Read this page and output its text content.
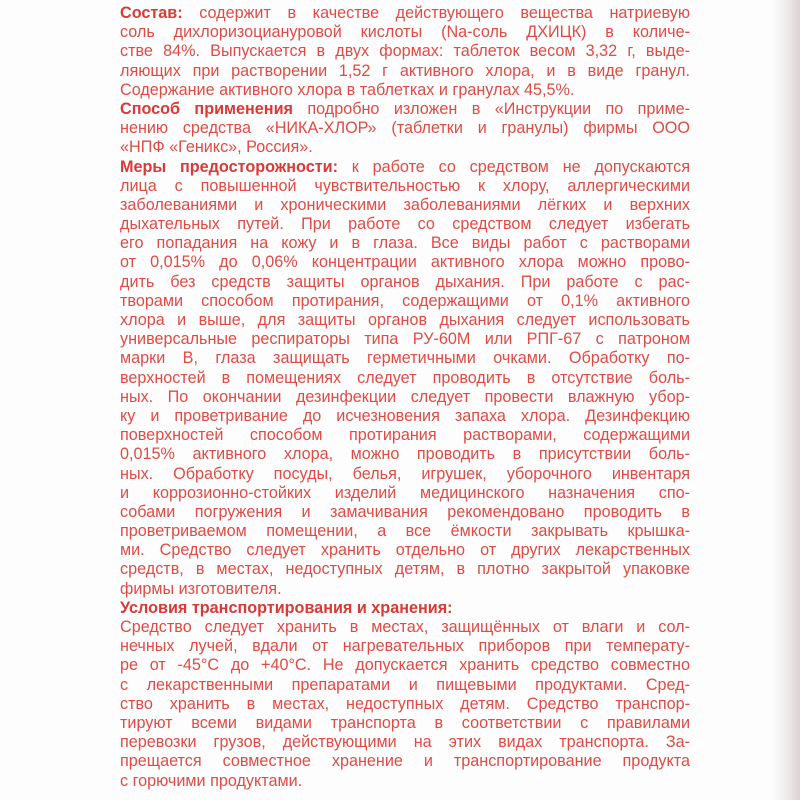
Состав: содержит в качестве действующего вещества натриевую
соль дихлоризоциануровой кислоты (Na-соль ДХИЦК) в количе-
стве 84%. Выпускается в двух формах: таблеток весом 3,32 г, выде-
ляющих при растворении 1,52 г активного хлора, и в виде гранул.
Содержание активного хлора в таблетках и гранулах 45,5%.
Способ применения подробно изложен в «Инструкции по приме-
нению средства «НИКА-ХЛОР» (таблетки и гранулы) фирмы ООО
«НПФ «Геникс», Россия».
Меры предосторожности: к работе со средством не допускаются
лица с повышенной чувствительностью к хлору, аллергическими
заболеваниями и хроническими заболеваниями лёгких и верхних
дыхательных путей. При работе со средством следует избегать
его попадания на кожу и в глаза. Все виды работ с растворами
от 0,015% до 0,06% концентрации активного хлора можно прово-
дить без средств защиты органов дыхания. При работе с рас-
творами способом протирания, содержащими от 0,1% активного
хлора и выше, для защиты органов дыхания следует использовать
универсальные респираторы типа РУ-60М или РПГ-67 с патроном
марки В, глаза защищать герметичными очками. Обработку по-
верхностей в помещениях следует проводить в отсутствие боль-
ных. По окончании дезинфекции следует провести влажную убор-
ку и проветривание до исчезновения запаха хлора. Дезинфекцию
поверхностей способом протирания растворами, содержащими
0,015% активного хлора, можно проводить в присутствии боль-
ных. Обработку посуды, белья, игрушек, уборочного инвентаря
и коррозионно-стойких изделий медицинского назначения спо-
собами погружения и замачивания рекомендовано проводить в
проветриваемом помещении, а все ёмкости закрывать крышка-
ми. Средство следует хранить отдельно от других лекарственных
средств, в местах, недоступных детям, в плотно закрытой упаковке
фирмы изготовителя.
Условия транспортирования и хранения:
Средство следует хранить в местах, защищённых от влаги и сол-
нечных лучей, вдали от нагревательных приборов при температу-
ре от -45°С до +40°С. Не допускается хранить средство совместно
с лекарственными препаратами и пищевыми продуктами. Сред-
ство хранить в местах, недоступных детям. Средство транспор-
тируют всеми видами транспорта в соответствии с правилами
перевозки грузов, действующими на этих видах транспорта. За-
прещается совместное хранение и транспортирование продукта
с горючими продуктами.
